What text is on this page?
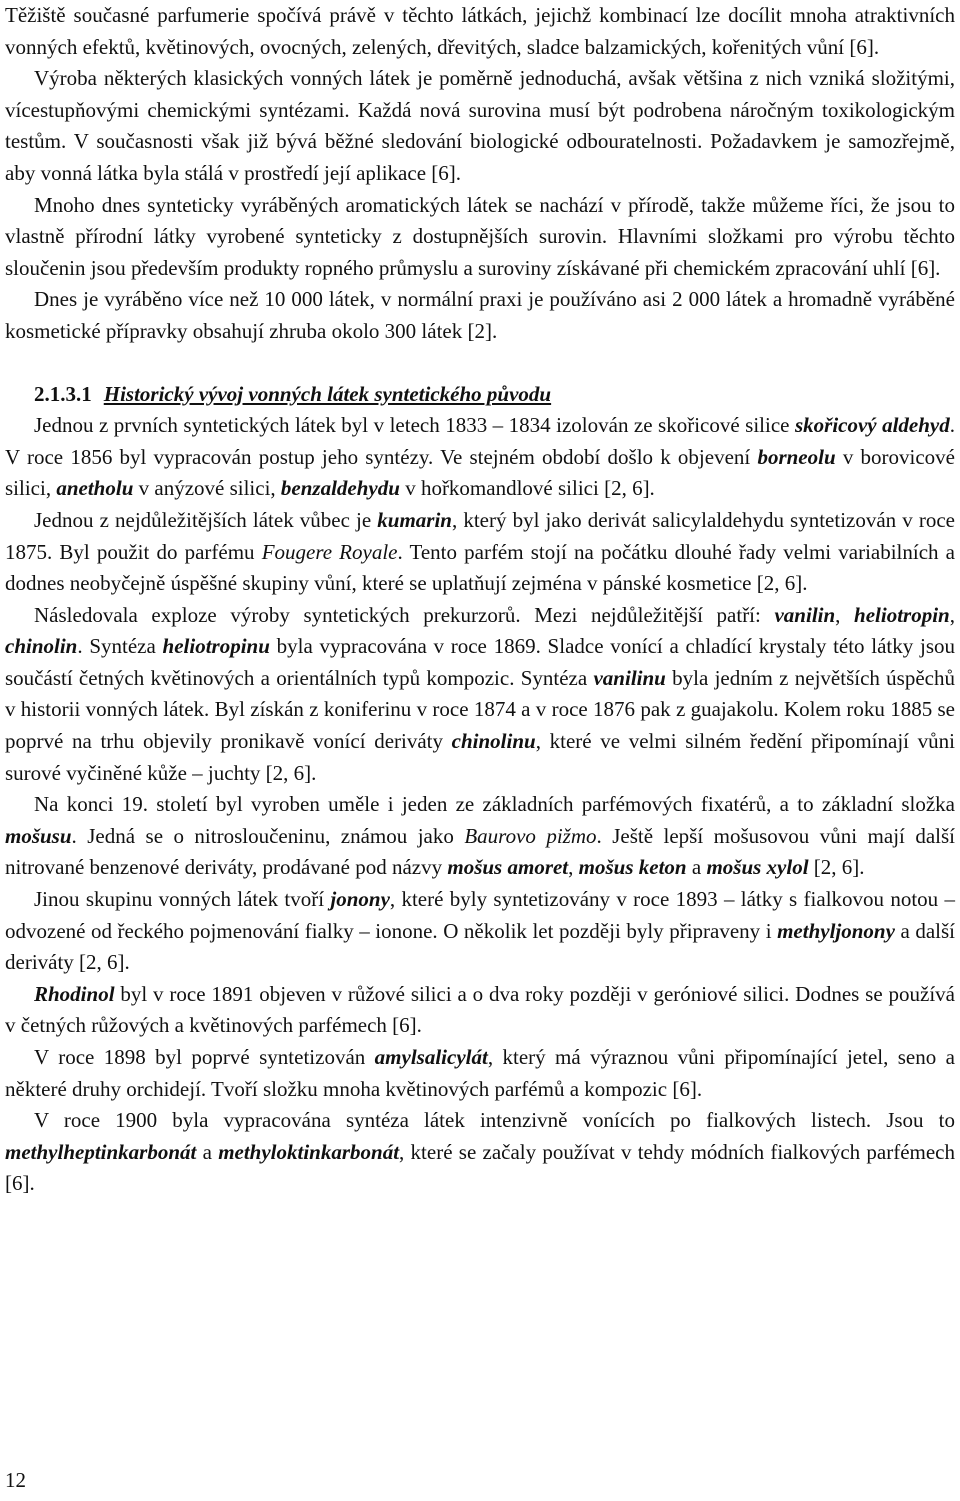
Těžiště současné parfumerie spočívá právě v těchto látkách, jejichž kombinací lze docílit mnoha atraktivních vonných efektů, květinových, ovocných, zelených, dřevitých, sladce balzamických, kořenitých vůní [6].

Výroba některých klasických vonných látek je poměrně jednoduchá, avšak většina z nich vzniká složitými, vícestupňovými chemickými syntézami. Každá nová surovina musí být podrobena náročným toxikologickým testům. V současnosti však již bývá běžné sledování biologické odbouratelnosti. Požadavkem je samozřejmě, aby vonná látka byla stálá v prostředí její aplikace [6].

Mnoho dnes synteticky vyráběných aromatických látek se nachází v přírodě, takže můžeme říci, že jsou to vlastně přírodní látky vyrobené synteticky z dostupnějších surovin. Hlavními složkami pro výrobu těchto sloučenin jsou především produkty ropného průmyslu a suroviny získávané při chemickém zpracování uhlí [6].

Dnes je vyráběno více než 10 000 látek, v normální praxi je používáno asi 2 000 látek a hromadně vyráběné kosmetické přípravky obsahují zhruba okolo 300 látek [2].

2.1.3.1 Historický vývoj vonných látek syntetického původu

Jednou z prvních syntetických látek byl v letech 1833 – 1834 izolován ze skořicové silice skořicový aldehyd. V roce 1856 byl vypracován postup jeho syntézy. Ve stejném období došlo k objevení borneolu v borovicové silici, anetholu v anýzové silici, benzaldehydu v hořkomandlové silici [2, 6].

Jednou z nejdůležitějších látek vůbec je kumarin, který byl jako derivát salicylaldehydu syntetizován v roce 1875. Byl použit do parfému Fougere Royale. Tento parfém stojí na počátku dlouhé řady velmi variabilních a dodnes neobyčejně úspěšné skupiny vůní, které se uplatňují zejména v pánské kosmetice [2, 6].

Následovala exploze výroby syntetických prekurzorů. Mezi nejdůležitější patří: vanilin, heliotropin, chinolin. Syntéza heliotropinu byla vypracována v roce 1869. Sladce vonící a chladící krystaly této látky jsou součástí četných květinových a orientálních typů kompozic. Syntéza vanilinu byla jedním z největších úspěchů v historii vonných látek. Byl získán z koniferinu v roce 1874 a v roce 1876 pak z guajakolu. Kolem roku 1885 se poprvé na trhu objevily pronikavě vonící deriváty chinolinu, které ve velmi silném ředění připomínají vůni surové vyčiněné kůže – juchty [2, 6].

Na konci 19. století byl vyroben uměle i jeden ze základních parfémových fixatérů, a to základní složka mošusu. Jedná se o nitrosloučeninu, známou jako Baurovo pižmo. Ještě lepší mošusovou vůni mají další nitrované benzenové deriváty, prodávané pod názvy mošus amoret, mošus keton a mošus xylol [2, 6].

Jinou skupinu vonných látek tvoří jonony, které byly syntetizovány v roce 1893 – látky s fialkovou notou – odvozené od řeckého pojmenování fialky – ionone. O několik let později byly připraveny i methyljonony a další deriváty [2, 6].

Rhodinol byl v roce 1891 objeven v růžové silici a o dva roky později v geróniové silici. Dodnes se používá v četných růžových a květinových parfémech [6].

V roce 1898 byl poprvé syntetizován amylsalicylát, který má výraznou vůni připomínající jetel, seno a některé druhy orchidejí. Tvoří složku mnoha květinových parfémů a kompozic [6].

V roce 1900 byla vypracována syntéza látek intenzivně vonících po fialkových listech. Jsou to methylheptinkarbonát a methyloktinkarbonát, které se začaly používat v tehdy módních fialkových parfémech [6].

12
